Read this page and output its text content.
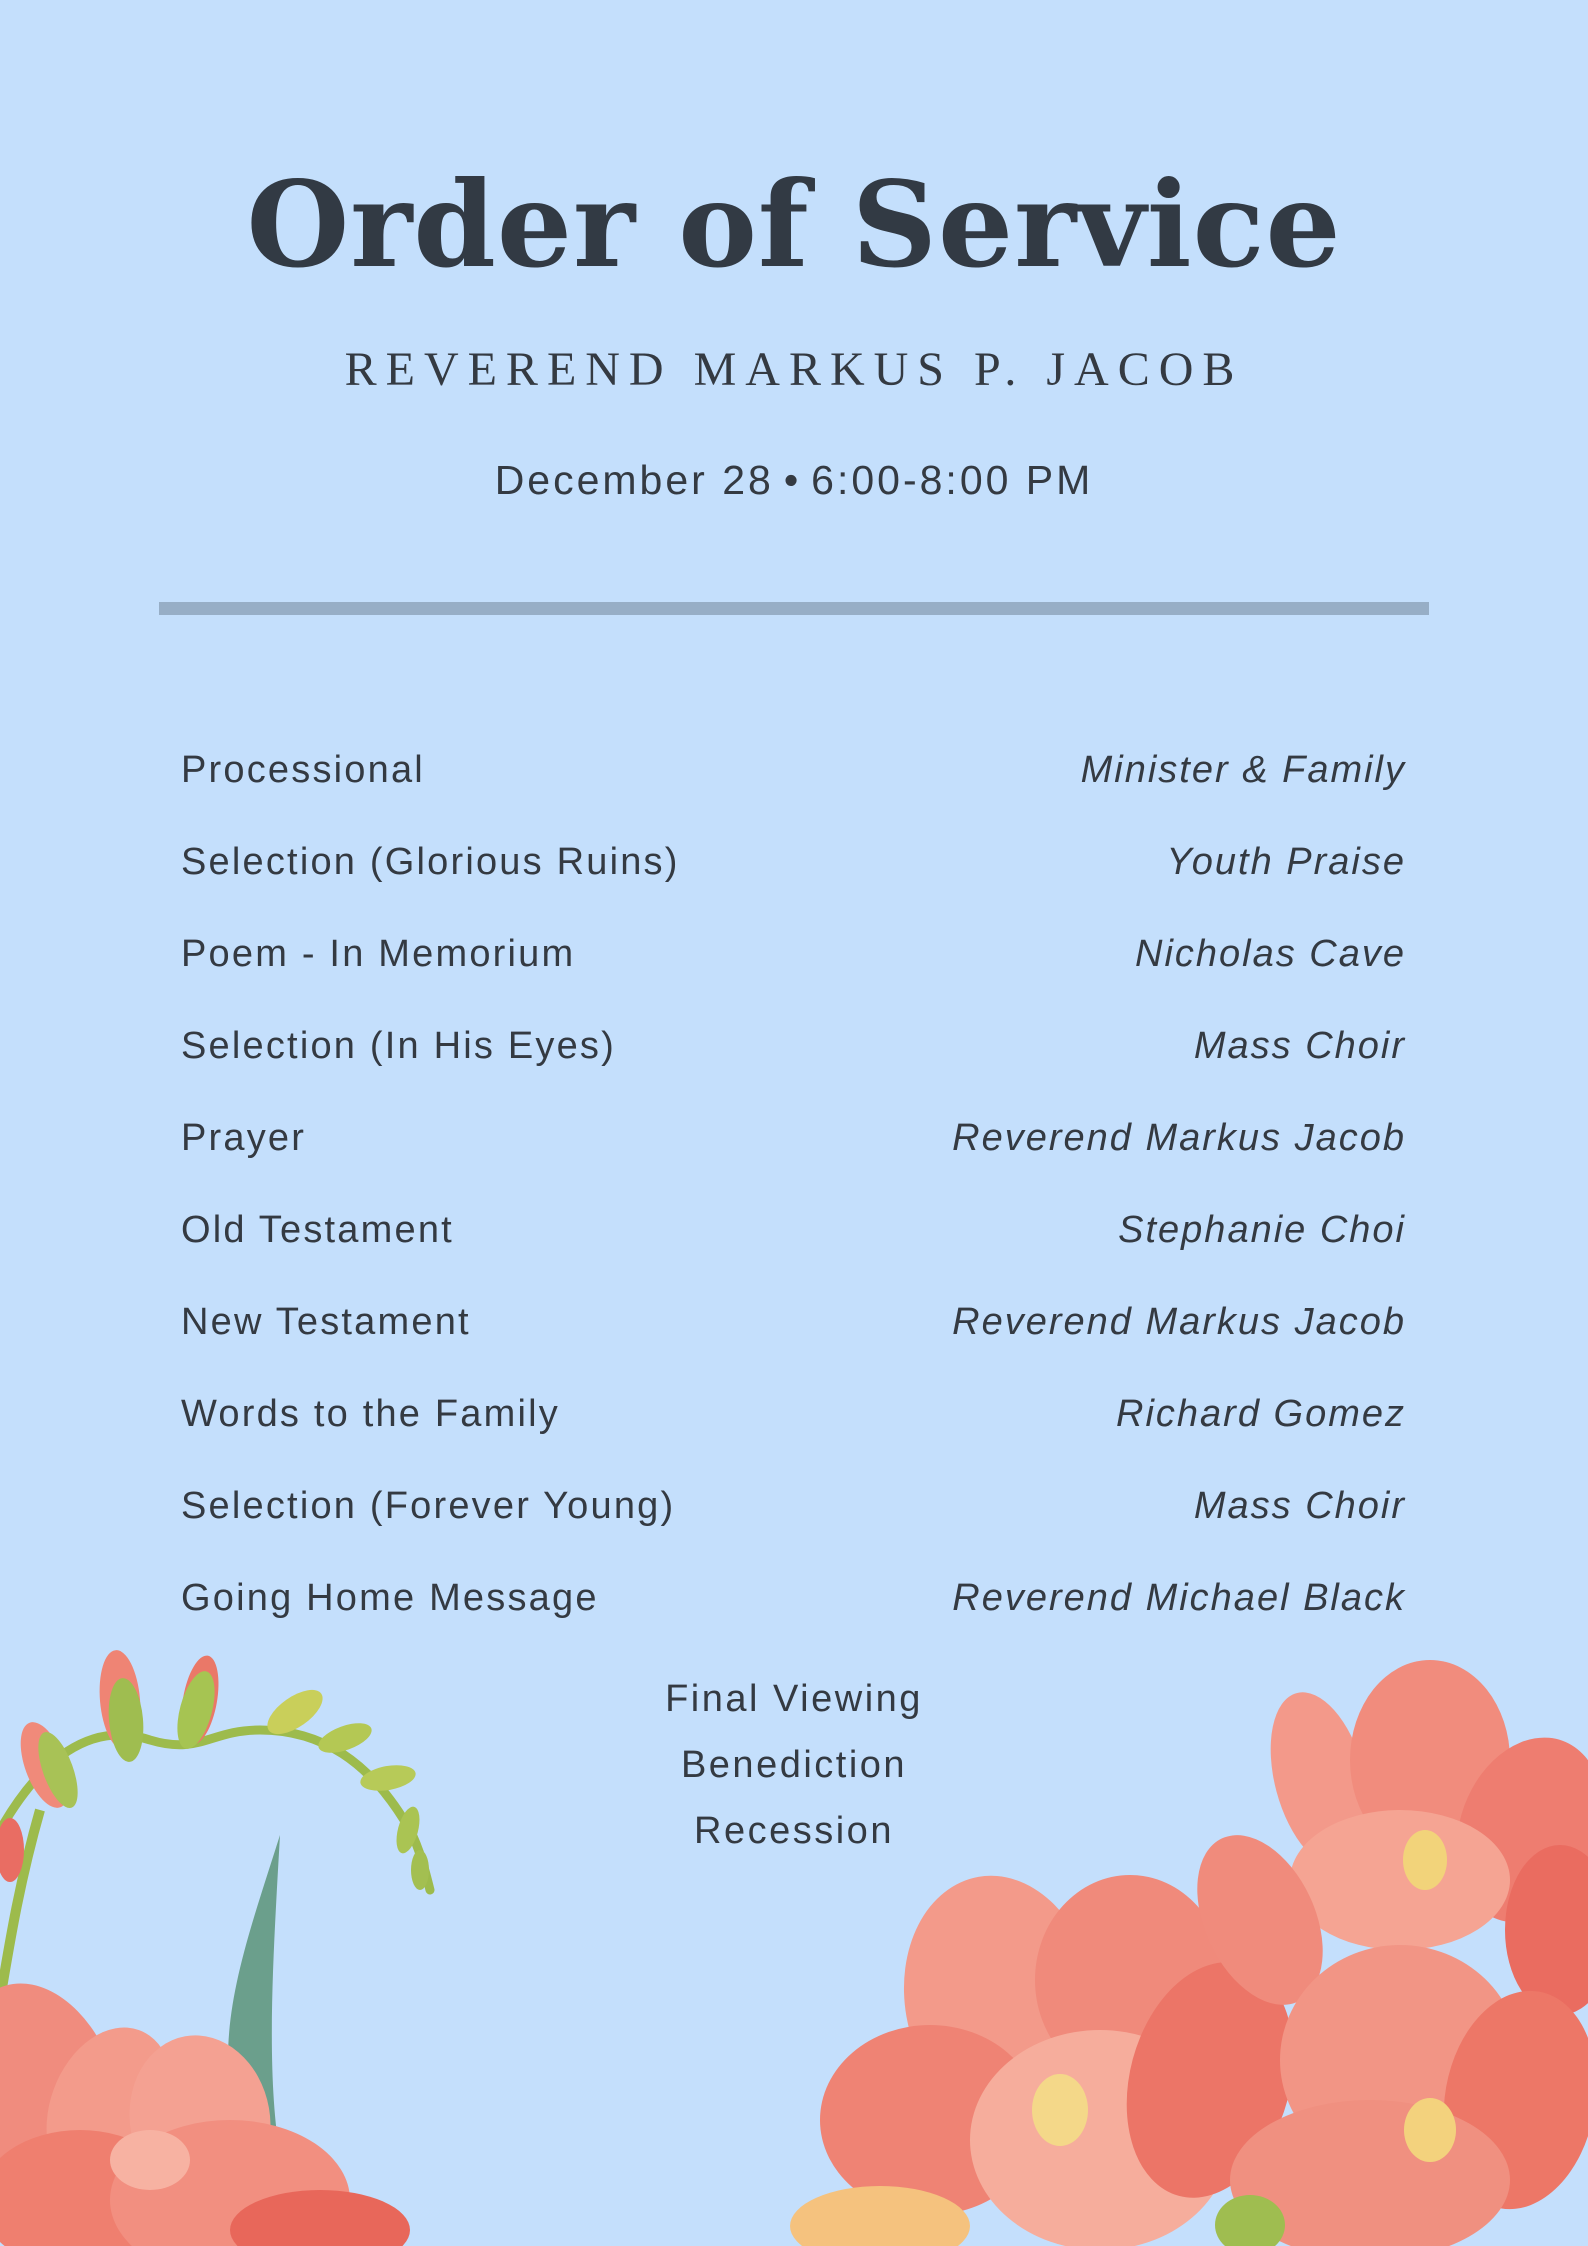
Order of Service
REVEREND MARKUS P. JACOB
December 28 • 6:00-8:00 PM
Processional	Minister & Family
Selection (Glorious Ruins)	Youth Praise
Poem - In Memorium	Nicholas Cave
Selection (In His Eyes)	Mass Choir
Prayer	Reverend Markus Jacob
Old Testament	Stephanie Choi
New Testament	Reverend Markus Jacob
Words to the Family	Richard Gomez
Selection (Forever Young)	Mass Choir
Going Home Message	Reverend Michael Black
Final Viewing
Benediction
Recession
